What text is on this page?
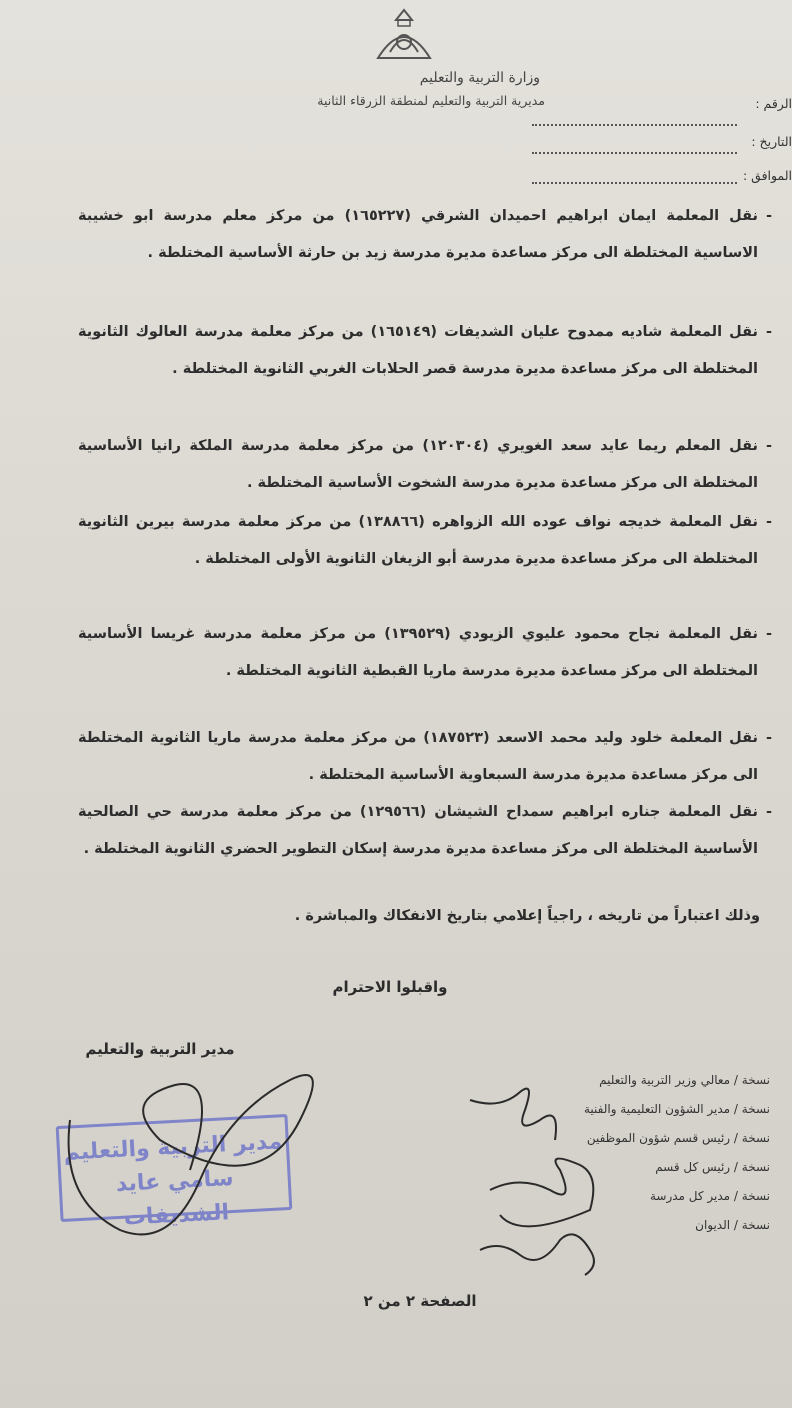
وزارة التربية والتعليم
مديرية التربية والتعليم لمنطقة الزرقاء الثانية	الرقم :
التاريخ :
الموافق :
-
نقل المعلمة ايمان ابراهيم احميدان الشرقي (١٦٥٢٢٧) من مركز معلم مدرسة ابو خشيبة الاساسية المختلطة الى مركز مساعدة مديرة مدرسة زيد بن حارثة الأساسية المختلطة .
-
نقل المعلمة شاديه ممدوح عليان الشديفات (١٦٥١٤٩) من مركز معلمة مدرسة العالوك الثانوية المختلطة الى مركز مساعدة مديرة مدرسة قصر الحلابات الغربي الثانوية المختلطة .
-
نقل المعلم ريما عايد سعد الغويري (١٢٠٣٠٤) من مركز معلمة مدرسة الملكة رانيا الأساسية المختلطة الى مركز مساعدة مديرة مدرسة الشخوت الأساسية المختلطة .
-
نقل المعلمة خديجه نواف عوده الله الزواهره (١٣٨٨٦٦) من مركز معلمة مدرسة بيرين الثانوية المختلطة الى مركز مساعدة مديرة مدرسة أبو الزيغان الثانوية الأولى المختلطة .
-
نقل المعلمة نجاح محمود عليوي الزيودي (١٣٩٥٢٩) من مركز معلمة مدرسة غريسا الأساسية المختلطة الى مركز مساعدة مديرة مدرسة ماريا القبطية الثانوية المختلطة .
-
نقل المعلمة خلود وليد محمد الاسعد (١٨٧٥٢٣) من مركز معلمة مدرسة ماريا الثانوية المختلطة الى مركز مساعدة مديرة مدرسة السبعاوية الأساسية المختلطة .
-
نقل المعلمة جناره ابراهيم سمداح الشيشان (١٢٩٥٦٦) من مركز معلمة مدرسة حي الصالحية الأساسية المختلطة الى مركز مساعدة مديرة مدرسة إسكان التطوير الحضري الثانوية المختلطة .
وذلك اعتباراً من تاريخه ، راجياً إعلامي بتاريخ الانفكاك والمباشرة .
واقبلوا الاحترام
مدير التربية والتعليم
مدير التربية والتعليم
سامي عايد الشديفات
نسخة / معالي وزير التربية والتعليم
نسخة / مدير الشؤون التعليمية والفنية
نسخة / رئيس قسم شؤون الموظفين
نسخة / رئيس كل قسم
نسخة / مدير كل مدرسة
نسخة / الديوان
الصفحة ٢ من ٢
